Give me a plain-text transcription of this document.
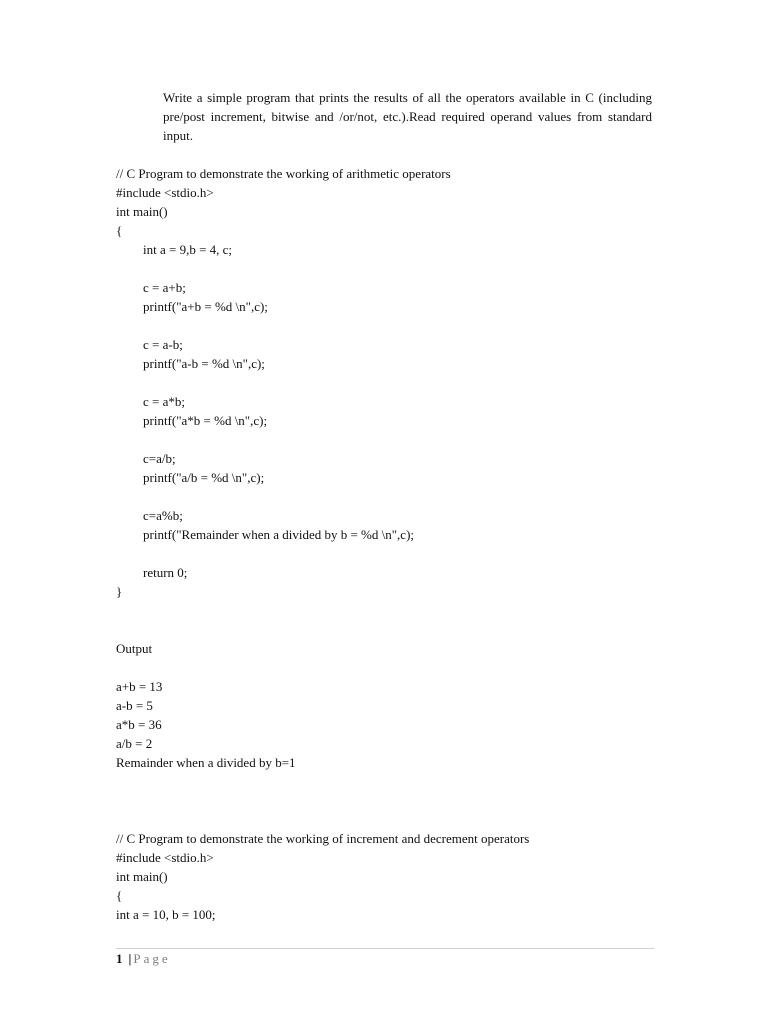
Write a simple program that prints the results of all the operators available in C (including pre/post increment, bitwise and /or/not, etc.).Read required operand values from standard input.

// C Program to demonstrate the working of arithmetic operators
#include <stdio.h>
int main()
{
int a = 9,b = 4, c;
c = a+b;
printf("a+b = %d \n",c);
c = a-b;
printf("a-b = %d \n",c);
c = a*b;
printf("a*b = %d \n",c);
c=a/b;
printf("a/b = %d \n",c);
c=a%b;
printf("Remainder when a divided by b = %d \n",c);
return 0;
}
Output
a+b = 13
a-b = 5
a*b = 36
a/b = 2
Remainder when a divided by b=1
// C Program to demonstrate the working of increment and decrement operators
#include <stdio.h>
int main()
{
int a = 10, b = 100;
1 | Page
